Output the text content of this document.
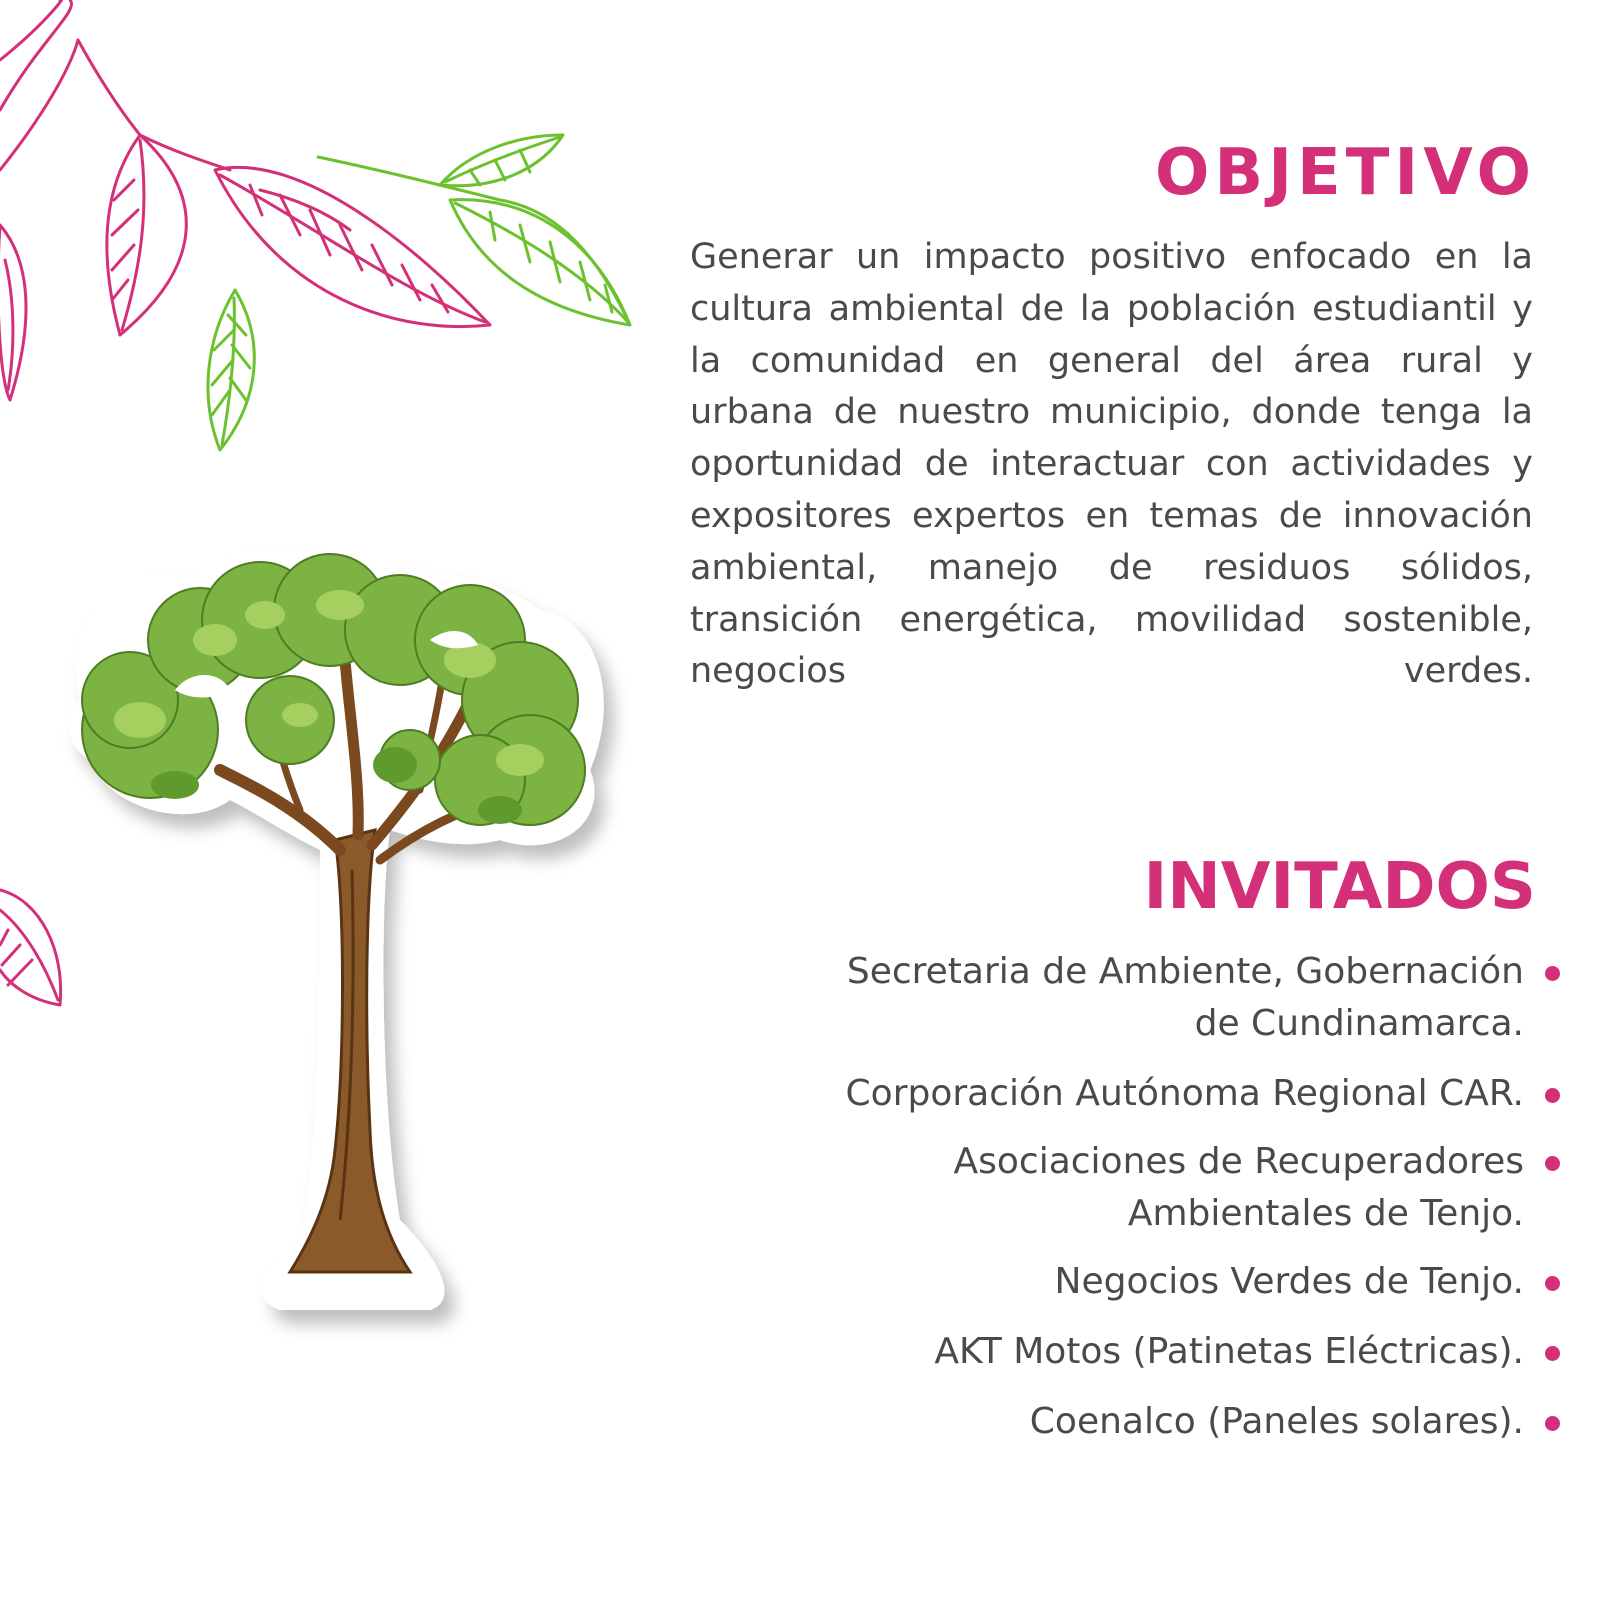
OBJETIVO

Generar un impacto positivo enfocado en la cultura ambiental de la población estudiantil y la comunidad en general del área rural y urbana de nuestro municipio, donde tenga la oportunidad de interactuar con actividades y expositores expertos en temas de innovación ambiental, manejo de residuos sólidos, transición energética, movilidad sostenible, negocios verdes.

INVITADOS
Secretaria de Ambiente, Gobernación
de Cundinamarca.
Corporación Autónoma Regional CAR.
Asociaciones de Recuperadores
Ambientales de Tenjo.
Negocios Verdes de Tenjo.
AKT Motos (Patinetas Eléctricas).
Coenalco (Paneles solares).
